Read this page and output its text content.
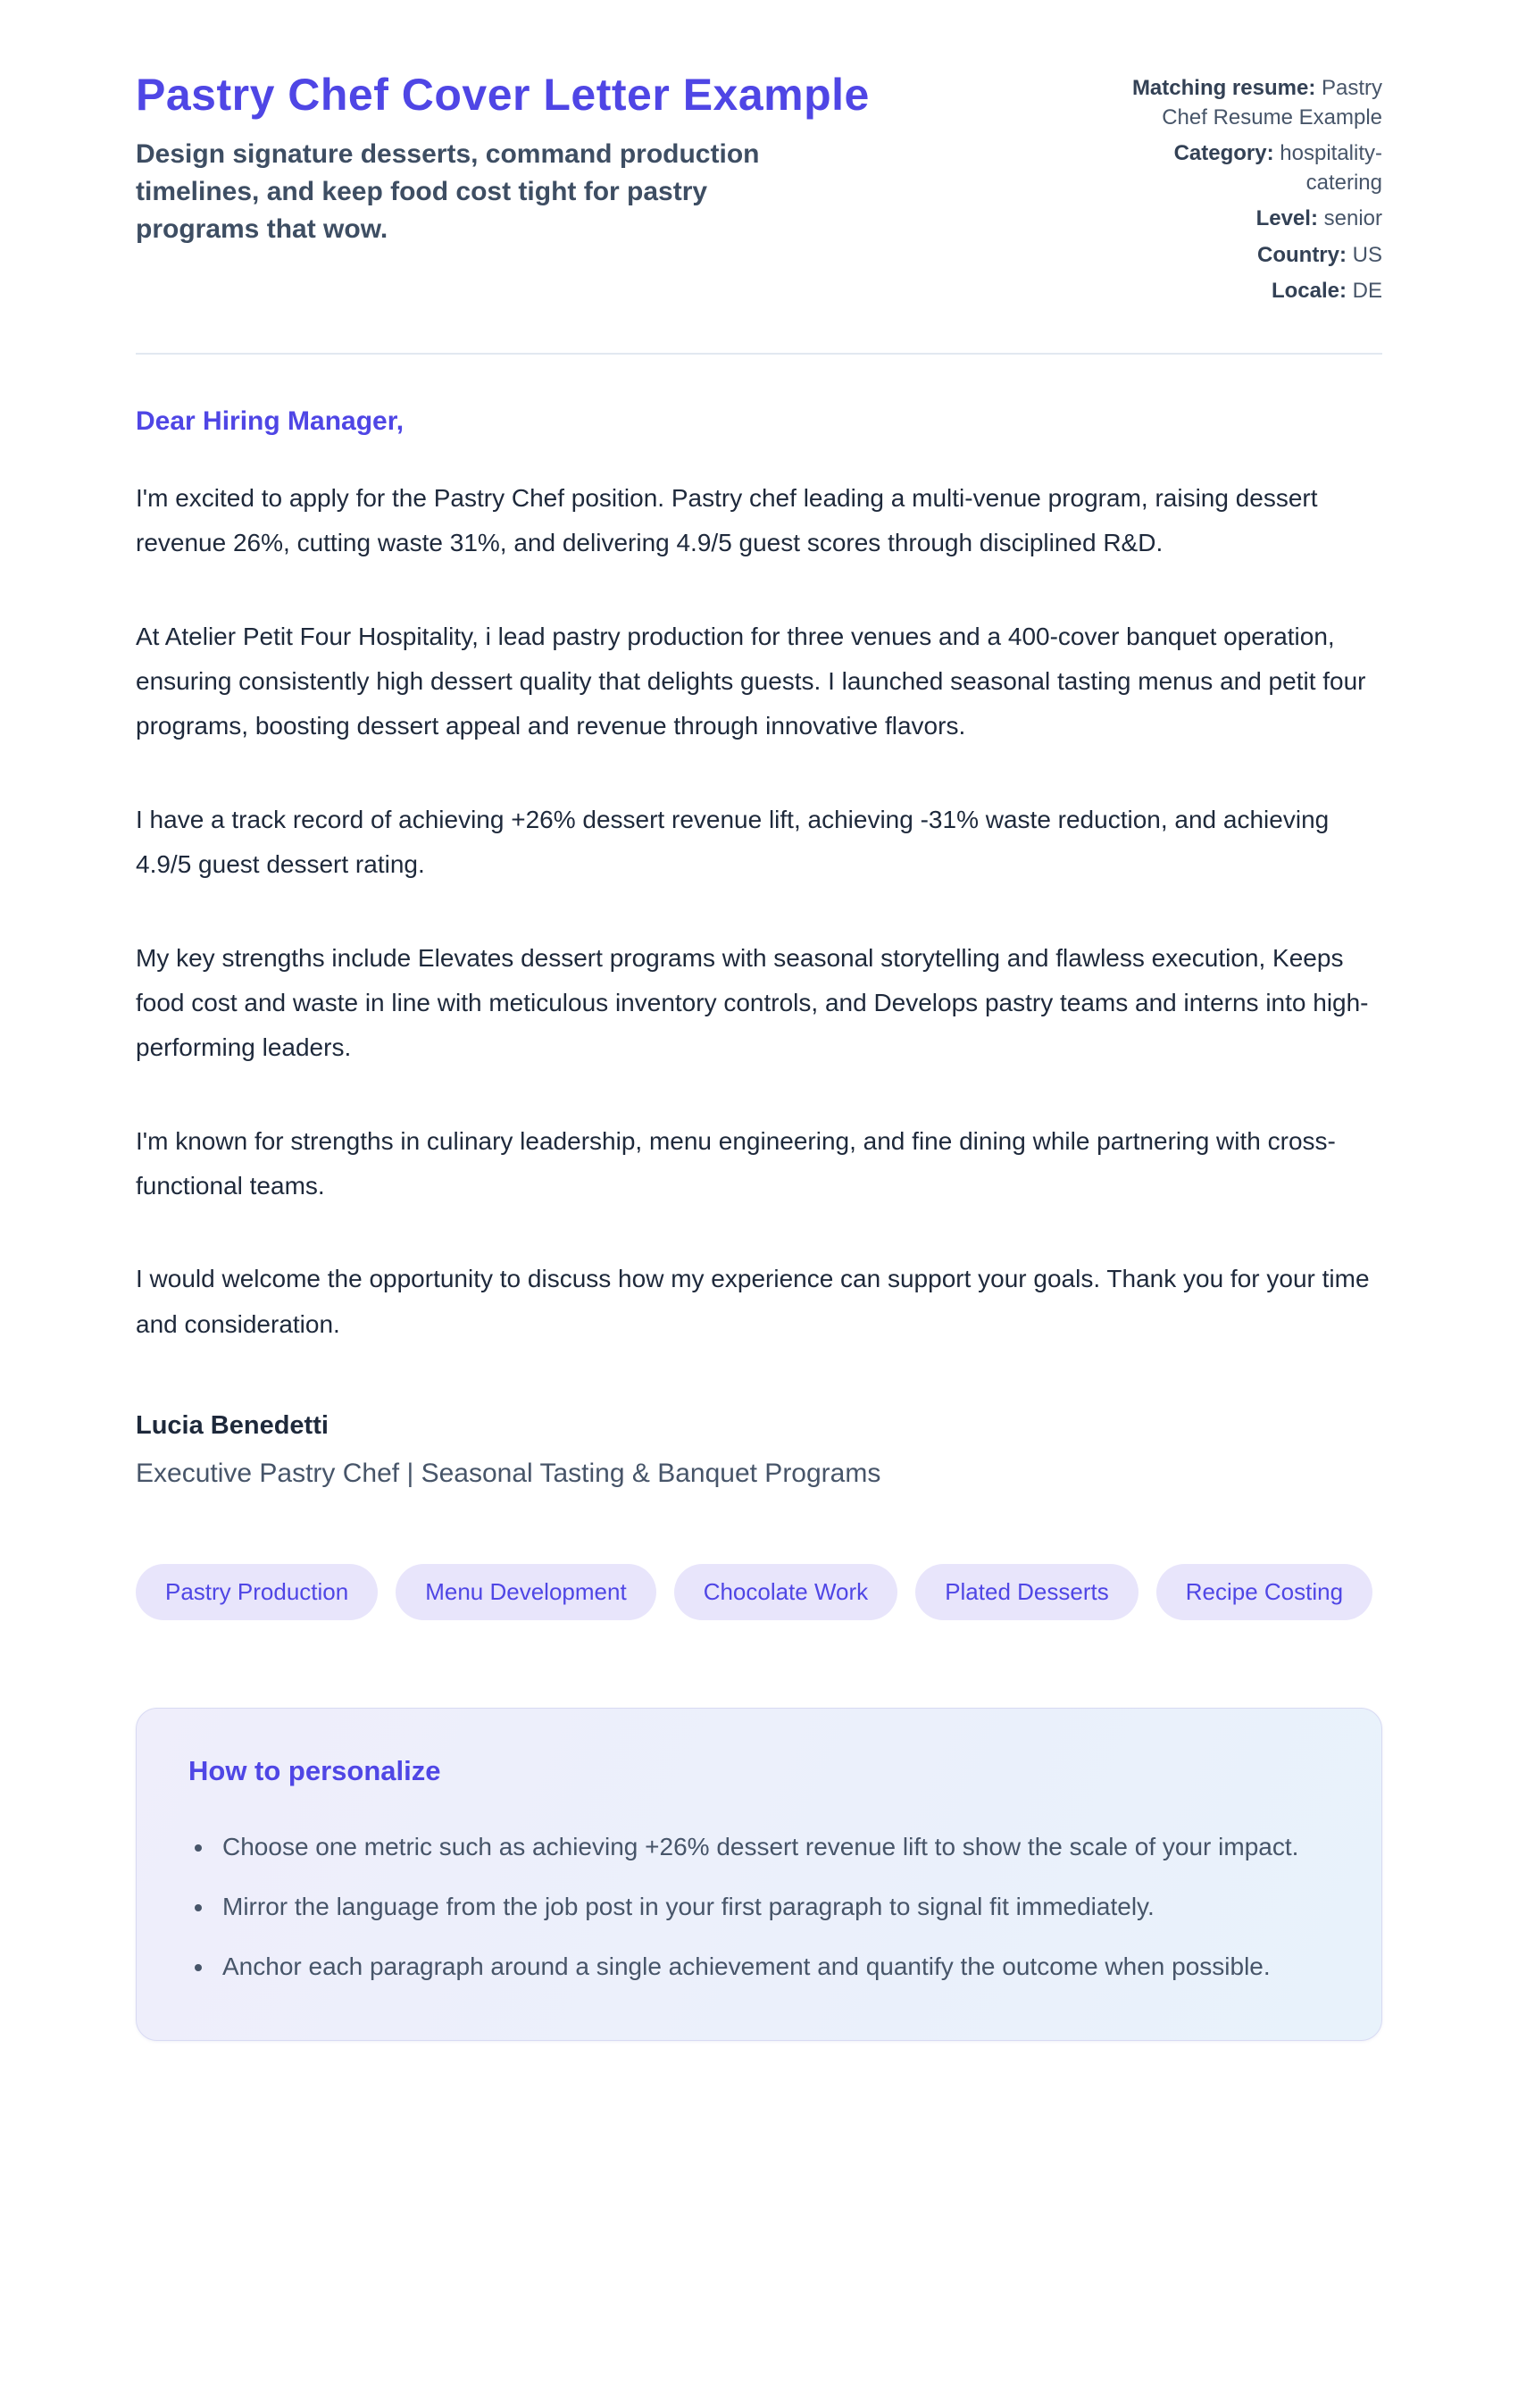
Pastry Chef Cover Letter Example

Design signature desserts, command production timelines, and keep food cost tight for pastry programs that wow.

Matching resume: Pastry Chef Resume Example
Category: hospitality-catering
Level: senior
Country: US
Locale: DE

Dear Hiring Manager,

I'm excited to apply for the Pastry Chef position. Pastry chef leading a multi-venue program, raising dessert revenue 26%, cutting waste 31%, and delivering 4.9/5 guest scores through disciplined R&D.

At Atelier Petit Four Hospitality, i lead pastry production for three venues and a 400-cover banquet operation, ensuring consistently high dessert quality that delights guests. I launched seasonal tasting menus and petit four programs, boosting dessert appeal and revenue through innovative flavors.

I have a track record of achieving +26% dessert revenue lift, achieving -31% waste reduction, and achieving 4.9/5 guest dessert rating.

My key strengths include Elevates dessert programs with seasonal storytelling and flawless execution, Keeps food cost and waste in line with meticulous inventory controls, and Develops pastry teams and interns into high-performing leaders.

I'm known for strengths in culinary leadership, menu engineering, and fine dining while partnering with cross-functional teams.

I would welcome the opportunity to discuss how my experience can support your goals. Thank you for your time and consideration.

Lucia Benedetti

Executive Pastry Chef | Seasonal Tasting & Banquet Programs

Pastry Production	Menu Development	Chocolate Work	Plated Desserts	Recipe Costing
How to personalize
• Choose one metric such as achieving +26% dessert revenue lift to show the scale of your impact.
• Mirror the language from the job post in your first paragraph to signal fit immediately.
• Anchor each paragraph around a single achievement and quantify the outcome when possible.
